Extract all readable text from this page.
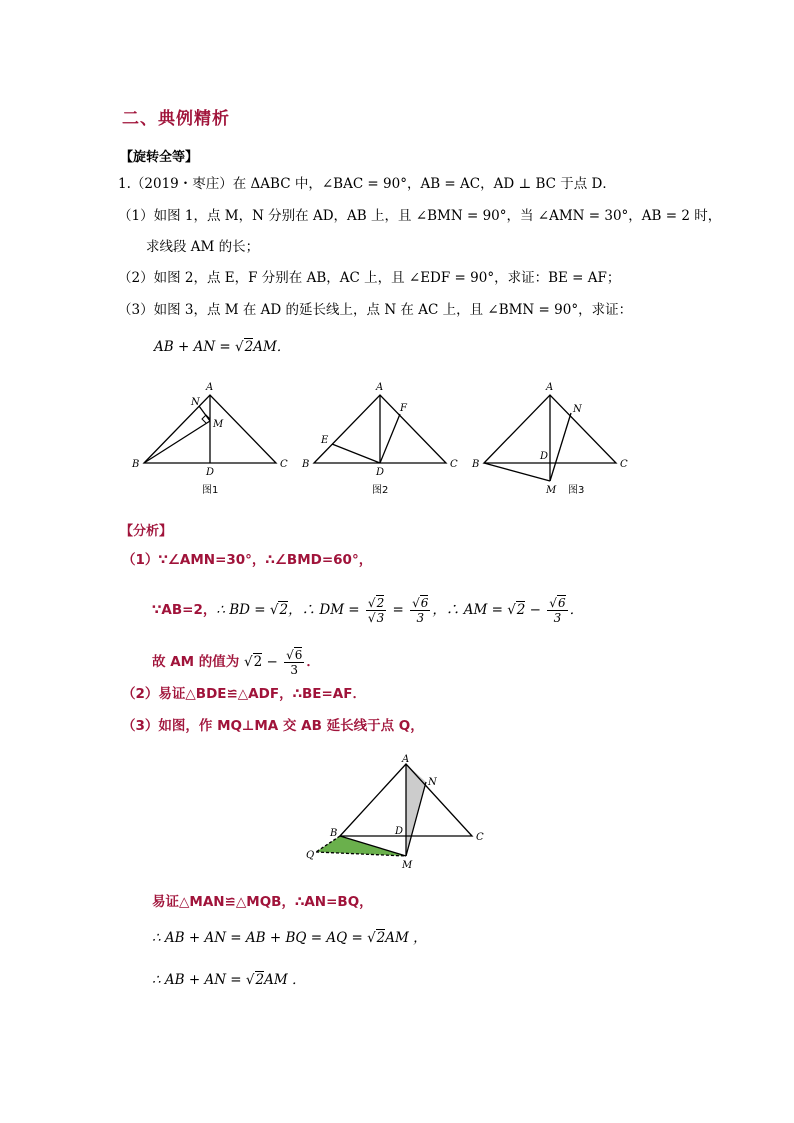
二、典例精析
【旋转全等】
1.（2019・枣庄）在 ΔABC 中，∠BAC = 90°，AB = AC，AD ⊥ BC 于点 D．
（1）如图 1，点 M，N 分别在 AD，AB 上，且 ∠BMN = 90°，当 ∠AMN = 30°，AB = 2 时，
求线段 AM 的长；
（2）如图 2，点 E，F 分别在 AB，AC 上，且 ∠EDF = 90°，求证：BE = AF；
（3）如图 3，点 M 在 AD 的延长线上，点 N 在 AC 上，且 ∠BMN = 90°，求证：
AB + AN = √2AM．
A
N
M
B	C
D
图1
A
E
F
B	C
D
图2
A
N
D
B	C
M 图3
【分析】
（1）∵∠AMN=30°，∴∠BMD=60°，
∵AB=2，∴ BD = √2，∴ DM = $\frac{√2}{√3} = \frac{√6}{3}$ ，∴ AM = $√2 - \frac{√6}{3}$ ．
故 AM 的值为 $√2 - \frac{√6}{3}$ ．
（2）易证△BDE≌△ADF，∴BE=AF．
（3）如图，作 MQ⊥MA 交 AB 延长线于点 Q，
A
N
B	D
C
Q
M
易证△MAN≌△MQB，∴AN=BQ，
∴ AB + AN = AB + BQ = AQ = √2AM ，
∴ AB + AN = √2AM ．
